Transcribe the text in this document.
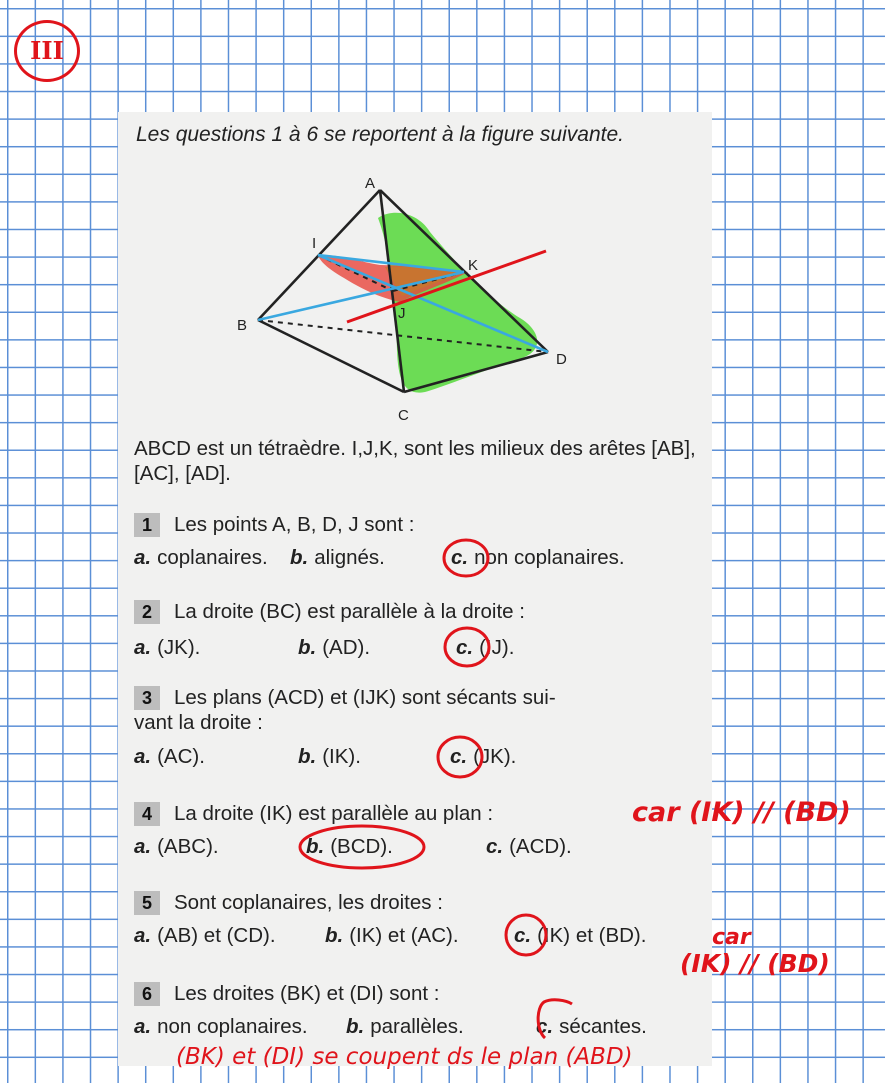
III
Les questions 1 à 6 se reportent à la figure suivante.
A
B
C
D
I
J
K
ABCD est un tétraèdre. I,J,K, sont les milieux des arêtes [AB], [AC], [AD].
1 Les points A, B, D, J sont :
a. coplanaires. b. alignés.	c. non coplanaires.
2 La droite (BC) est parallèle à la droite :
a. (JK).	b. (AD).	c. (IJ).
3 Les plans (ACD) et (IJK) sont sécants sui-
vant la droite :
a. (AC).	b. (IK).	c. (JK).
4 La droite (IK) est parallèle au plan :
a. (ABC).	b. (BCD).	c. (ACD).
5 Sont coplanaires, les droites :
a. (AB) et (CD). b. (IK) et (AC).	c. (IK) et (BD).
6 Les droites (BK) et (DI) sont :
a. non coplanaires. b. parallèles.	c. sécantes.
car (IK) // (BD)
car
(IK) // (BD)
(BK) et (DI) se coupent ds le plan (ABD)
